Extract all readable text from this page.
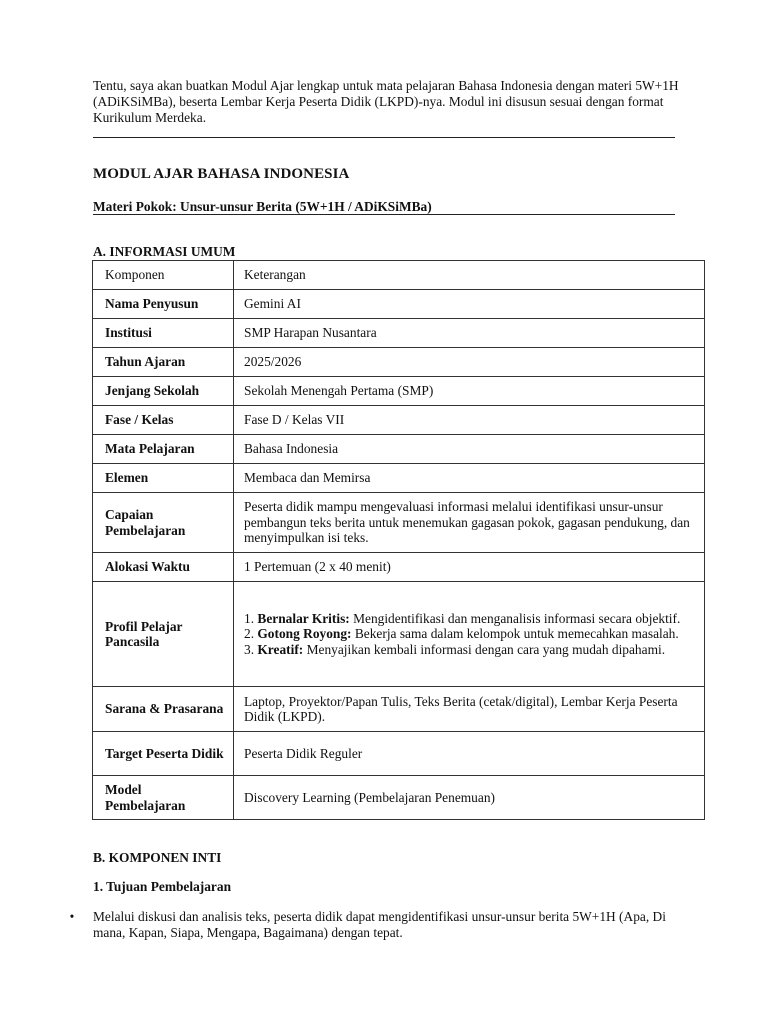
Tentu, saya akan buatkan Modul Ajar lengkap untuk mata pelajaran Bahasa Indonesia dengan materi 5W+1H (ADiKSiMBa), beserta Lembar Kerja Peserta Didik (LKPD)-nya. Modul ini disusun sesuai dengan format Kurikulum Merdeka.
MODUL AJAR BAHASA INDONESIA
Materi Pokok: Unsur-unsur Berita (5W+1H / ADiKSiMBa)
A. INFORMASI UMUM
Komponen	Keterangan
Nama Penyusun	Gemini AI
Institusi	SMP Harapan Nusantara
Tahun Ajaran	2025/2026
Jenjang Sekolah	Sekolah Menengah Pertama (SMP)
Fase / Kelas	Fase D / Kelas VII
Mata Pelajaran	Bahasa Indonesia
Elemen	Membaca dan Memirsa
Capaian Pembelajaran	Peserta didik mampu mengevaluasi informasi melalui identifikasi unsur-unsur pembangun teks berita untuk menemukan gagasan pokok, gagasan pendukung, dan menyimpulkan isi teks.
Alokasi Waktu	1 Pertemuan (2 x 40 menit)
Profil Pelajar Pancasila	1. Bernalar Kritis: Mengidentifikasi dan menganalisis informasi secara objektif.
2. Gotong Royong: Bekerja sama dalam kelompok untuk memecahkan masalah.
3. Kreatif: Menyajikan kembali informasi dengan cara yang mudah dipahami.

Sarana & Prasarana	Laptop, Proyektor/Papan Tulis, Teks Berita (cetak/digital), Lembar Kerja Peserta Didik (LKPD).
Target Peserta Didik	Peserta Didik Reguler
Model Pembelajaran	Discovery Learning (Pembelajaran Penemuan)
B. KOMPONEN INTI
1. Tujuan Pembelajaran
• Melalui diskusi dan analisis teks, peserta didik dapat mengidentifikasi unsur-unsur berita 5W+1H (Apa, Di mana, Kapan, Siapa, Mengapa, Bagaimana) dengan tepat.
